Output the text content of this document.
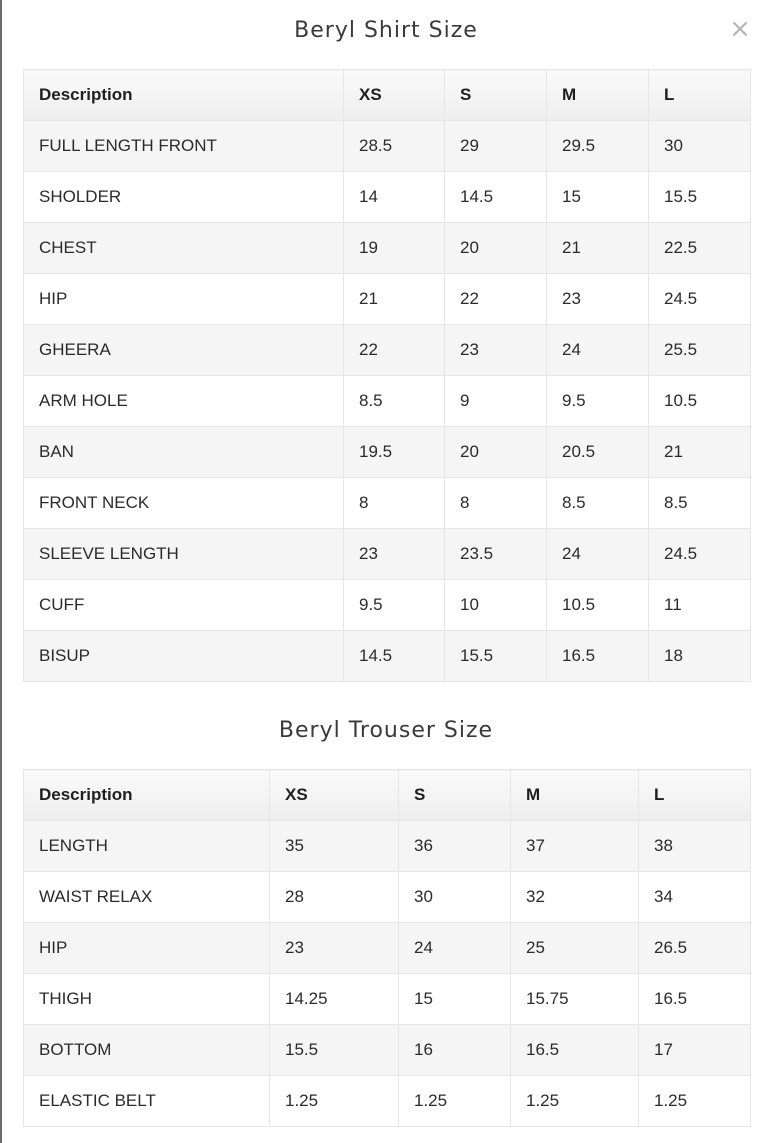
×
Beryl Shirt Size
Description	XS	S	M	L
FULL LENGTH FRONT	28.5	29	29.5	30
SHOLDER	14	14.5	15	15.5
CHEST	19	20	21	22.5
HIP	21	22	23	24.5
GHEERA	22	23	24	25.5
ARM HOLE	8.5	9	9.5	10.5
BAN	19.5	20	20.5	21
FRONT NECK	8	8	8.5	8.5
SLEEVE LENGTH	23	23.5	24	24.5
CUFF	9.5	10	10.5	11
BISUP	14.5	15.5	16.5	18
Beryl Trouser Size
Description	XS	S	M	L
LENGTH	35	36	37	38
WAIST RELAX	28	30	32	34
HIP	23	24	25	26.5
THIGH	14.25	15	15.75	16.5
BOTTOM	15.5	16	16.5	17
ELASTIC BELT	1.25	1.25	1.25	1.25
